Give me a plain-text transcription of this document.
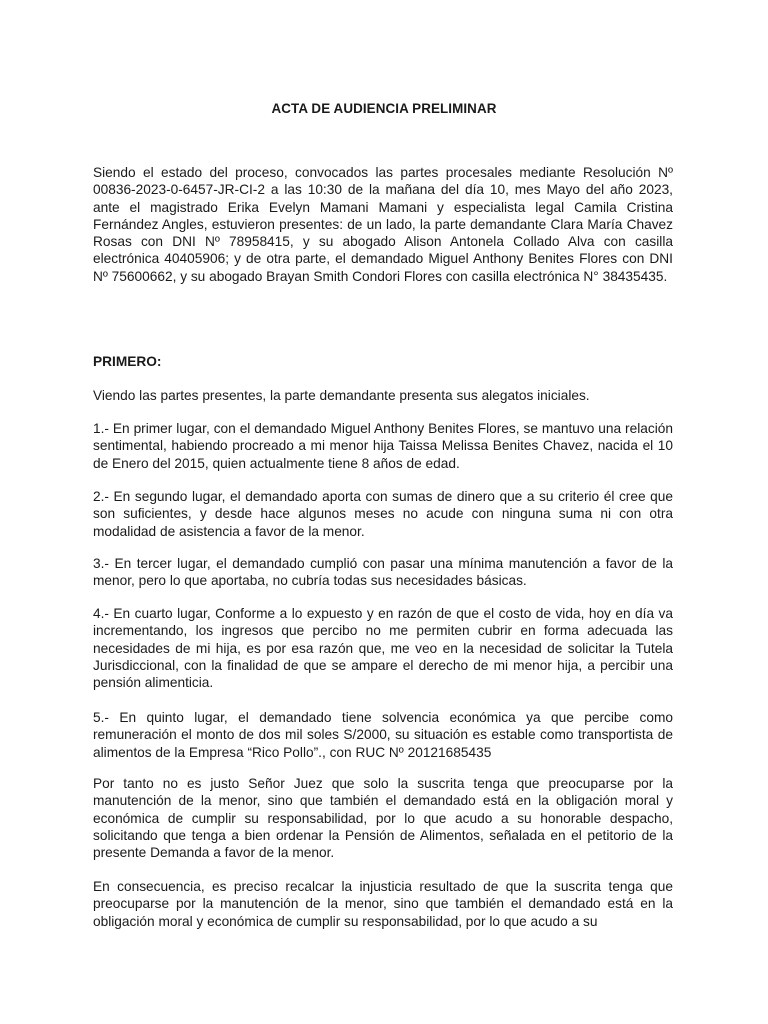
ACTA DE AUDIENCIA PRELIMINAR

Siendo el estado del proceso, convocados las partes procesales mediante Resolución Nº 00836-2023-0-6457-JR-CI-2 a las 10:30 de la mañana del día 10, mes Mayo del año 2023, ante el magistrado Erika Evelyn Mamani Mamani y especialista legal Camila Cristina Fernández Angles, estuvieron presentes: de un lado, la parte demandante Clara María Chavez Rosas con DNI Nº 78958415, y su abogado Alison Antonela Collado Alva con casilla electrónica 40405906; y de otra parte, el demandado Miguel Anthony Benites Flores con DNI Nº 75600662, y su abogado Brayan Smith Condori Flores con casilla electrónica N° 38435435.

PRIMERO:

Viendo las partes presentes, la parte demandante presenta sus alegatos iniciales.

1.- En primer lugar, con el demandado Miguel Anthony Benites Flores, se mantuvo una relación sentimental, habiendo procreado a mi menor hija Taissa Melissa Benites Chavez, nacida el 10 de Enero del 2015, quien actualmente tiene 8 años de edad.

2.- En segundo lugar, el demandado aporta con sumas de dinero que a su criterio él cree que son suficientes, y desde hace algunos meses no acude con ninguna suma ni con otra modalidad de asistencia a favor de la menor.

3.- En tercer lugar, el demandado cumplió con pasar una mínima manutención a favor de la menor, pero lo que aportaba, no cubría todas sus necesidades básicas.

4.- En cuarto lugar, Conforme a lo expuesto y en razón de que el costo de vida, hoy en día va incrementando, los ingresos que percibo no me permiten cubrir en forma adecuada las necesidades de mi hija, es por esa razón que, me veo en la necesidad de solicitar la Tutela Jurisdiccional, con la finalidad de que se ampare el derecho de mi menor hija, a percibir una pensión alimenticia.

5.- En quinto lugar, el demandado tiene solvencia económica ya que percibe como remuneración el monto de dos mil soles S/2000, su situación es estable como transportista de alimentos de la Empresa “Rico Pollo”., con RUC Nº 20121685435

Por tanto no es justo Señor Juez que solo la suscrita tenga que preocuparse por la manutención de la menor, sino que también el demandado está en la obligación moral y económica de cumplir su responsabilidad, por lo que acudo a su honorable despacho, solicitando que tenga a bien ordenar la Pensión de Alimentos, señalada en el petitorio de la presente Demanda a favor de la menor.

En consecuencia, es preciso recalcar la injusticia resultado de que la suscrita tenga que preocuparse por la manutención de la menor, sino que también el demandado está en la obligación moral y económica de cumplir su responsabilidad, por lo que acudo a su
